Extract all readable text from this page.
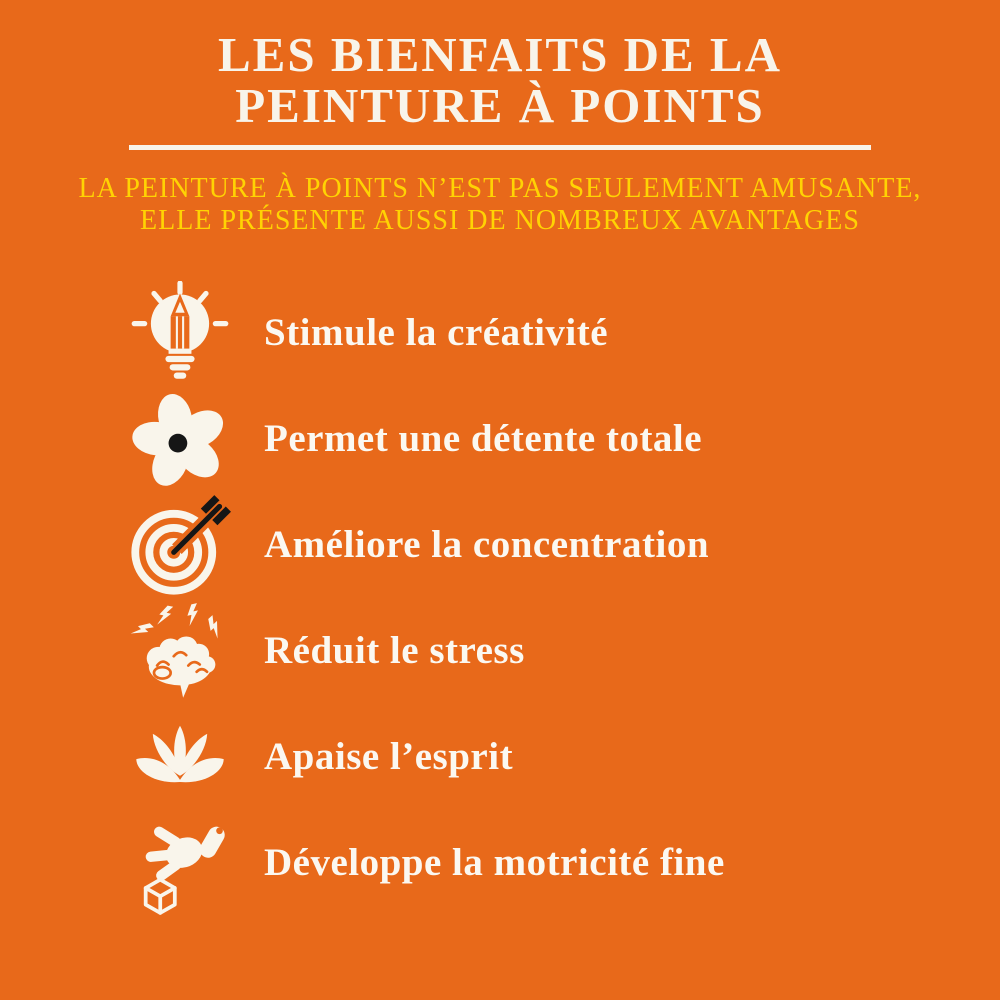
LES BIENFAITS DE LA
PEINTURE À POINTS

LA PEINTURE À POINTS N’EST PAS SEULEMENT AMUSANTE,
ELLE PRÉSENTE AUSSI DE NOMBREUX AVANTAGES

Stimule la créativité
Permet une détente totale
Améliore la concentration
Réduit le stress
Apaise l’esprit
Développe la motricité fine
